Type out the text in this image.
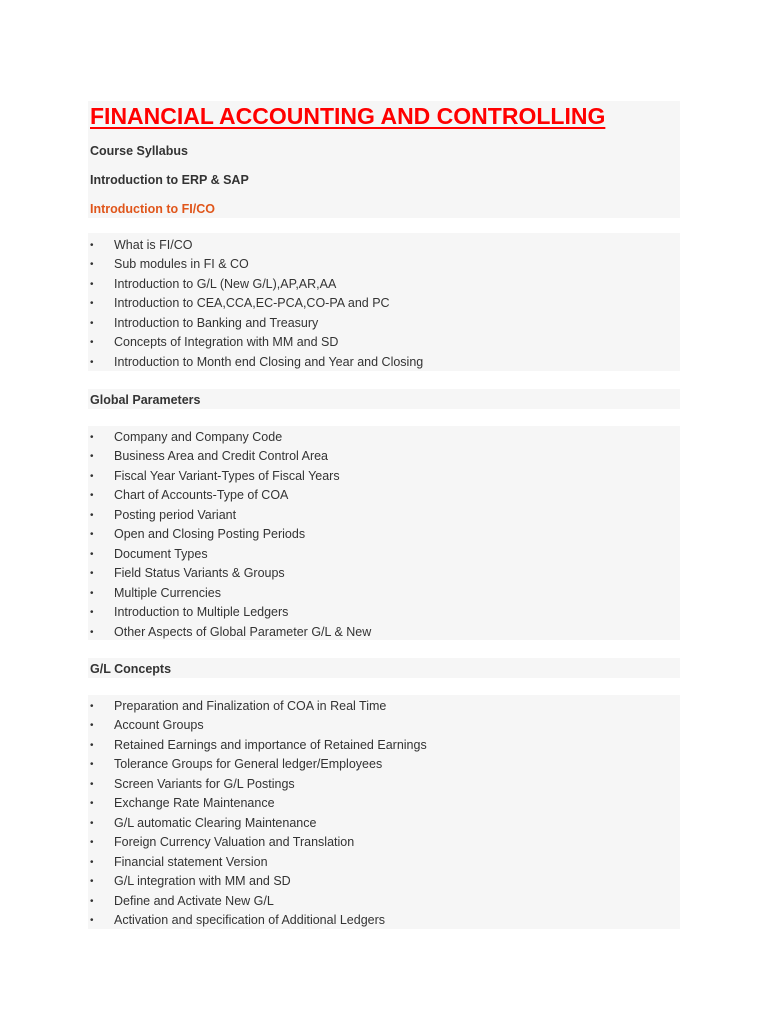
FINANCIAL ACCOUNTING AND CONTROLLING

Course Syllabus

Introduction to ERP & SAP

Introduction to FI/CO

• What is FI/CO
• Sub modules in FI & CO
• Introduction to G/L (New G/L),AP,AR,AA
• Introduction to CEA,CCA,EC-PCA,CO-PA and PC
• Introduction to Banking and Treasury
• Concepts of Integration with MM and SD
• Introduction to Month end Closing and Year and Closing

Global Parameters

• Company and Company Code
• Business Area and Credit Control Area
• Fiscal Year Variant-Types of Fiscal Years
• Chart of Accounts-Type of COA
• Posting period Variant
• Open and Closing Posting Periods
• Document Types
• Field Status Variants & Groups
• Multiple Currencies
• Introduction to Multiple Ledgers
• Other Aspects of Global Parameter G/L & New

G/L Concepts

• Preparation and Finalization of COA in Real Time
• Account Groups
• Retained Earnings and importance of Retained Earnings
• Tolerance Groups for General ledger/Employees
• Screen Variants for G/L Postings
• Exchange Rate Maintenance
• G/L automatic Clearing Maintenance
• Foreign Currency Valuation and Translation
• Financial statement Version
• G/L integration with MM and SD
• Define and Activate New G/L
• Activation and specification of Additional Ledgers
